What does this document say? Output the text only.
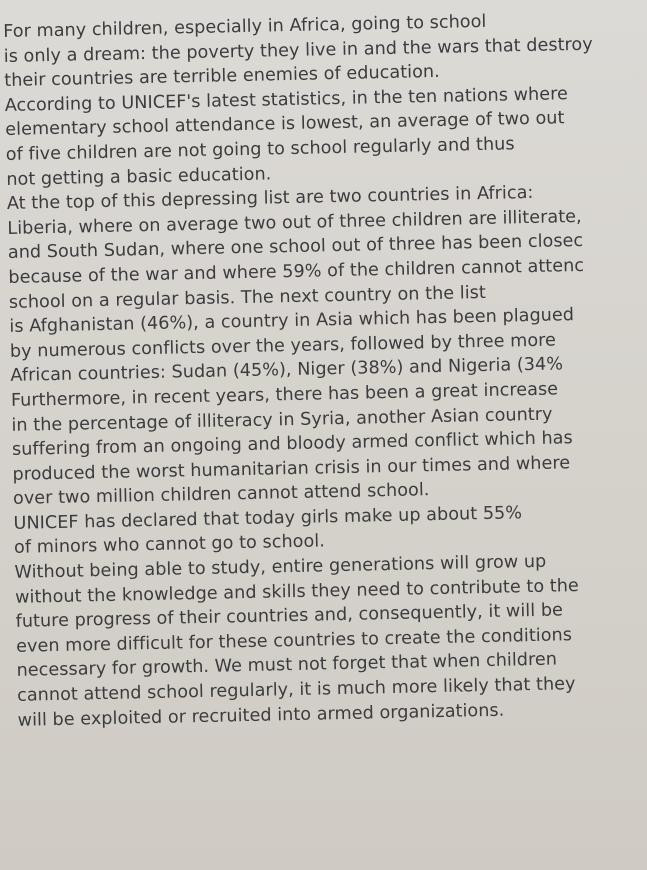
For many children, especially in Africa, going to school
is only a dream: the poverty they live in and the wars that destroy
their countries are terrible enemies of education.
According to UNICEF's latest statistics, in the ten nations where
elementary school attendance is lowest, an average of two out
of five children are not going to school regularly and thus
not getting a basic education.
At the top of this depressing list are two countries in Africa:
Liberia, where on average two out of three children are illiterate,
and South Sudan, where one school out of three has been closec
because of the war and where 59% of the children cannot attenc
school on a regular basis. The next country on the list
is Afghanistan (46%), a country in Asia which has been plagued
by numerous conflicts over the years, followed by three more
African countries: Sudan (45%), Niger (38%) and Nigeria (34%
Furthermore, in recent years, there has been a great increase
in the percentage of illiteracy in Syria, another Asian country
suffering from an ongoing and bloody armed conflict which has
produced the worst humanitarian crisis in our times and where
over two million children cannot attend school.
UNICEF has declared that today girls make up about 55%
of minors who cannot go to school.
Without being able to study, entire generations will grow up
without the knowledge and skills they need to contribute to the
future progress of their countries and, consequently, it will be
even more difficult for these countries to create the conditions
necessary for growth. We must not forget that when children
cannot attend school regularly, it is much more likely that they
will be exploited or recruited into armed organizations.
